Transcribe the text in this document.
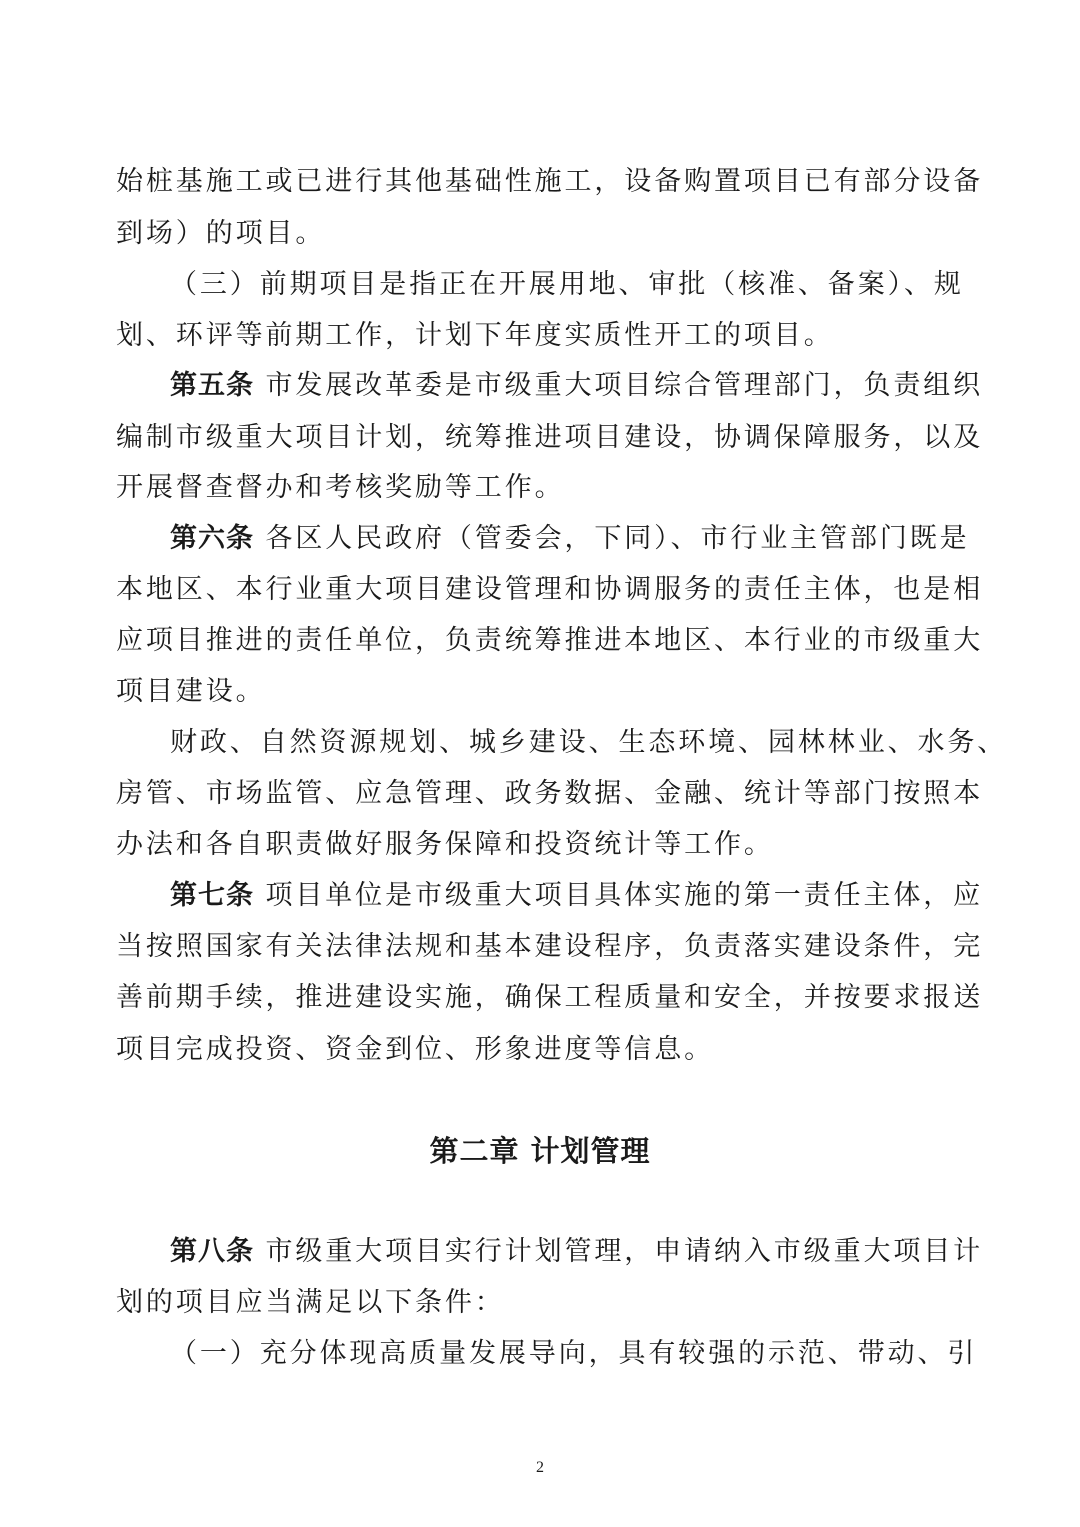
始桩基施工或已进行其他基础性施工，设备购置项目已有部分设备
到场）的项目。
（三）前期项目是指正在开展用地、审批（核准、备案）、规
划、环评等前期工作，计划下年度实质性开工的项目。
第五条 市发展改革委是市级重大项目综合管理部门，负责组织
编制市级重大项目计划，统筹推进项目建设，协调保障服务，以及
开展督查督办和考核奖励等工作。
第六条 各区人民政府（管委会，下同）、市行业主管部门既是
本地区、本行业重大项目建设管理和协调服务的责任主体，也是相
应项目推进的责任单位，负责统筹推进本地区、本行业的市级重大
项目建设。
财政、自然资源规划、城乡建设、生态环境、园林林业、水务、
房管、市场监管、应急管理、政务数据、金融、统计等部门按照本
办法和各自职责做好服务保障和投资统计等工作。
第七条 项目单位是市级重大项目具体实施的第一责任主体，应
当按照国家有关法律法规和基本建设程序，负责落实建设条件，完
善前期手续，推进建设实施，确保工程质量和安全，并按要求报送
项目完成投资、资金到位、形象进度等信息。
第二章 计划管理
第八条 市级重大项目实行计划管理，申请纳入市级重大项目计
划的项目应当满足以下条件：
（一）充分体现高质量发展导向，具有较强的示范、带动、引
2
